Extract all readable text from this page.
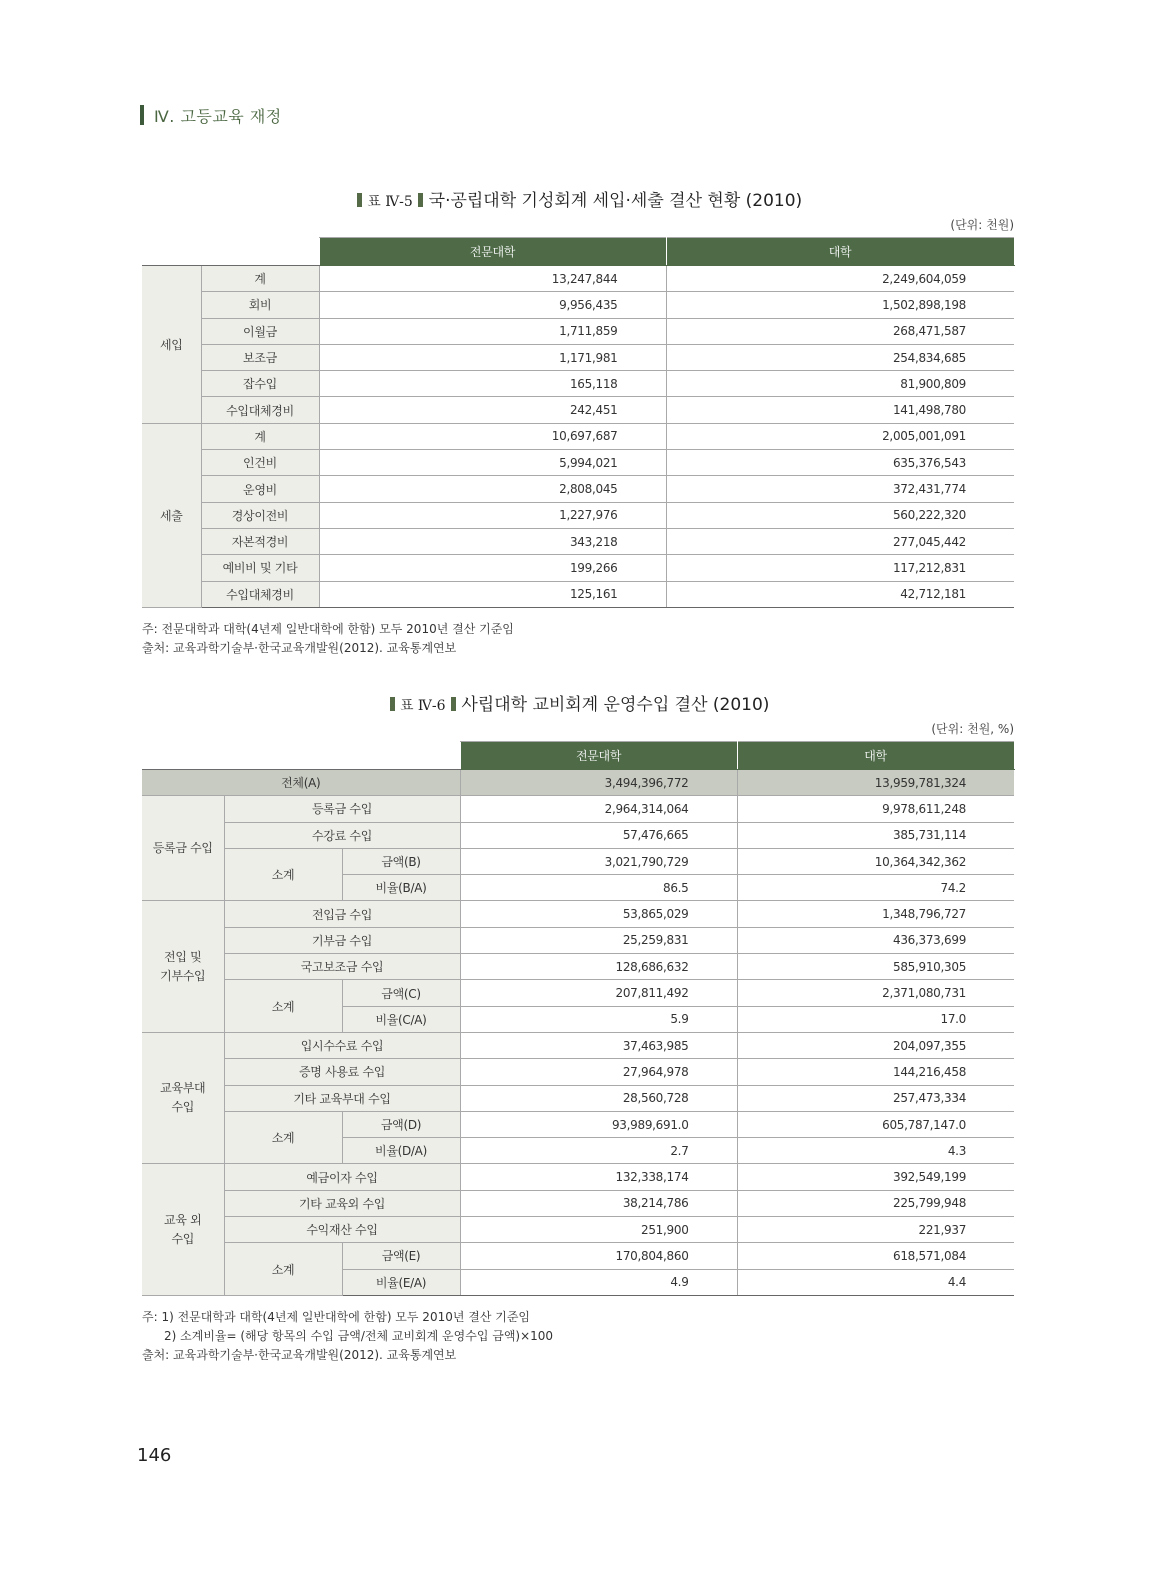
Ⅳ. 고등교육 재정
표 Ⅳ-5 국·공립대학 기성회계 세입·세출 결산 현황 (2010)
(단위: 천원)
		전문대학	대학
세입	계	13,247,844	2,249,604,059
	회비	9,956,435	1,502,898,198
	이월금	1,711,859	268,471,587
	보조금	1,171,981	254,834,685
	잡수입	165,118	81,900,809
	수입대체경비	242,451	141,498,780
세출	계	10,697,687	2,005,001,091
	인건비	5,994,021	635,376,543
	운영비	2,808,045	372,431,774
	경상이전비	1,227,976	560,222,320
	자본적경비	343,218	277,045,442
	예비비 및 기타	199,266	117,212,831
	수입대체경비	125,161	42,712,181
주: 전문대학과 대학(4년제 일반대학에 한함) 모두 2010년 결산 기준임
출처: 교육과학기술부·한국교육개발원(2012). 교육통계연보
표 Ⅳ-6 사립대학 교비회계 운영수입 결산 (2010)
(단위: 천원, %)
			전문대학	대학
전체(A)			3,494,396,772	13,959,781,324
등록금 수입	등록금 수입		2,964,314,064	9,978,611,248
	수강료 수입		57,476,665	385,731,114
	소계	금액(B)	3,021,790,729	10,364,342,362
		비율(B/A)	86.5	74.2
전입 및
기부수입	전입금 수입		53,865,029	1,348,796,727
	기부금 수입		25,259,831	436,373,699
	국고보조금 수입		128,686,632	585,910,305
	소계	금액(C)	207,811,492	2,371,080,731
		비율(C/A)	5.9	17.0
교육부대
수입	입시수수료 수입		37,463,985	204,097,355
	증명 사용료 수입		27,964,978	144,216,458
	기타 교육부대 수입		28,560,728	257,473,334
	소계	금액(D)	93,989,691.0	605,787,147.0
		비율(D/A)	2.7	4.3
교육 외
수입	예금이자 수입		132,338,174	392,549,199
	기타 교육외 수입		38,214,786	225,799,948
	수익재산 수입		251,900	221,937
	소계	금액(E)	170,804,860	618,571,084
		비율(E/A)	4.9	4.4
주: 1) 전문대학과 대학(4년제 일반대학에 한함) 모두 2010년 결산 기준임
2) 소계비율= (해당 항목의 수입 금액/전체 교비회계 운영수입 금액)×100
출처: 교육과학기술부·한국교육개발원(2012). 교육통계연보
146
